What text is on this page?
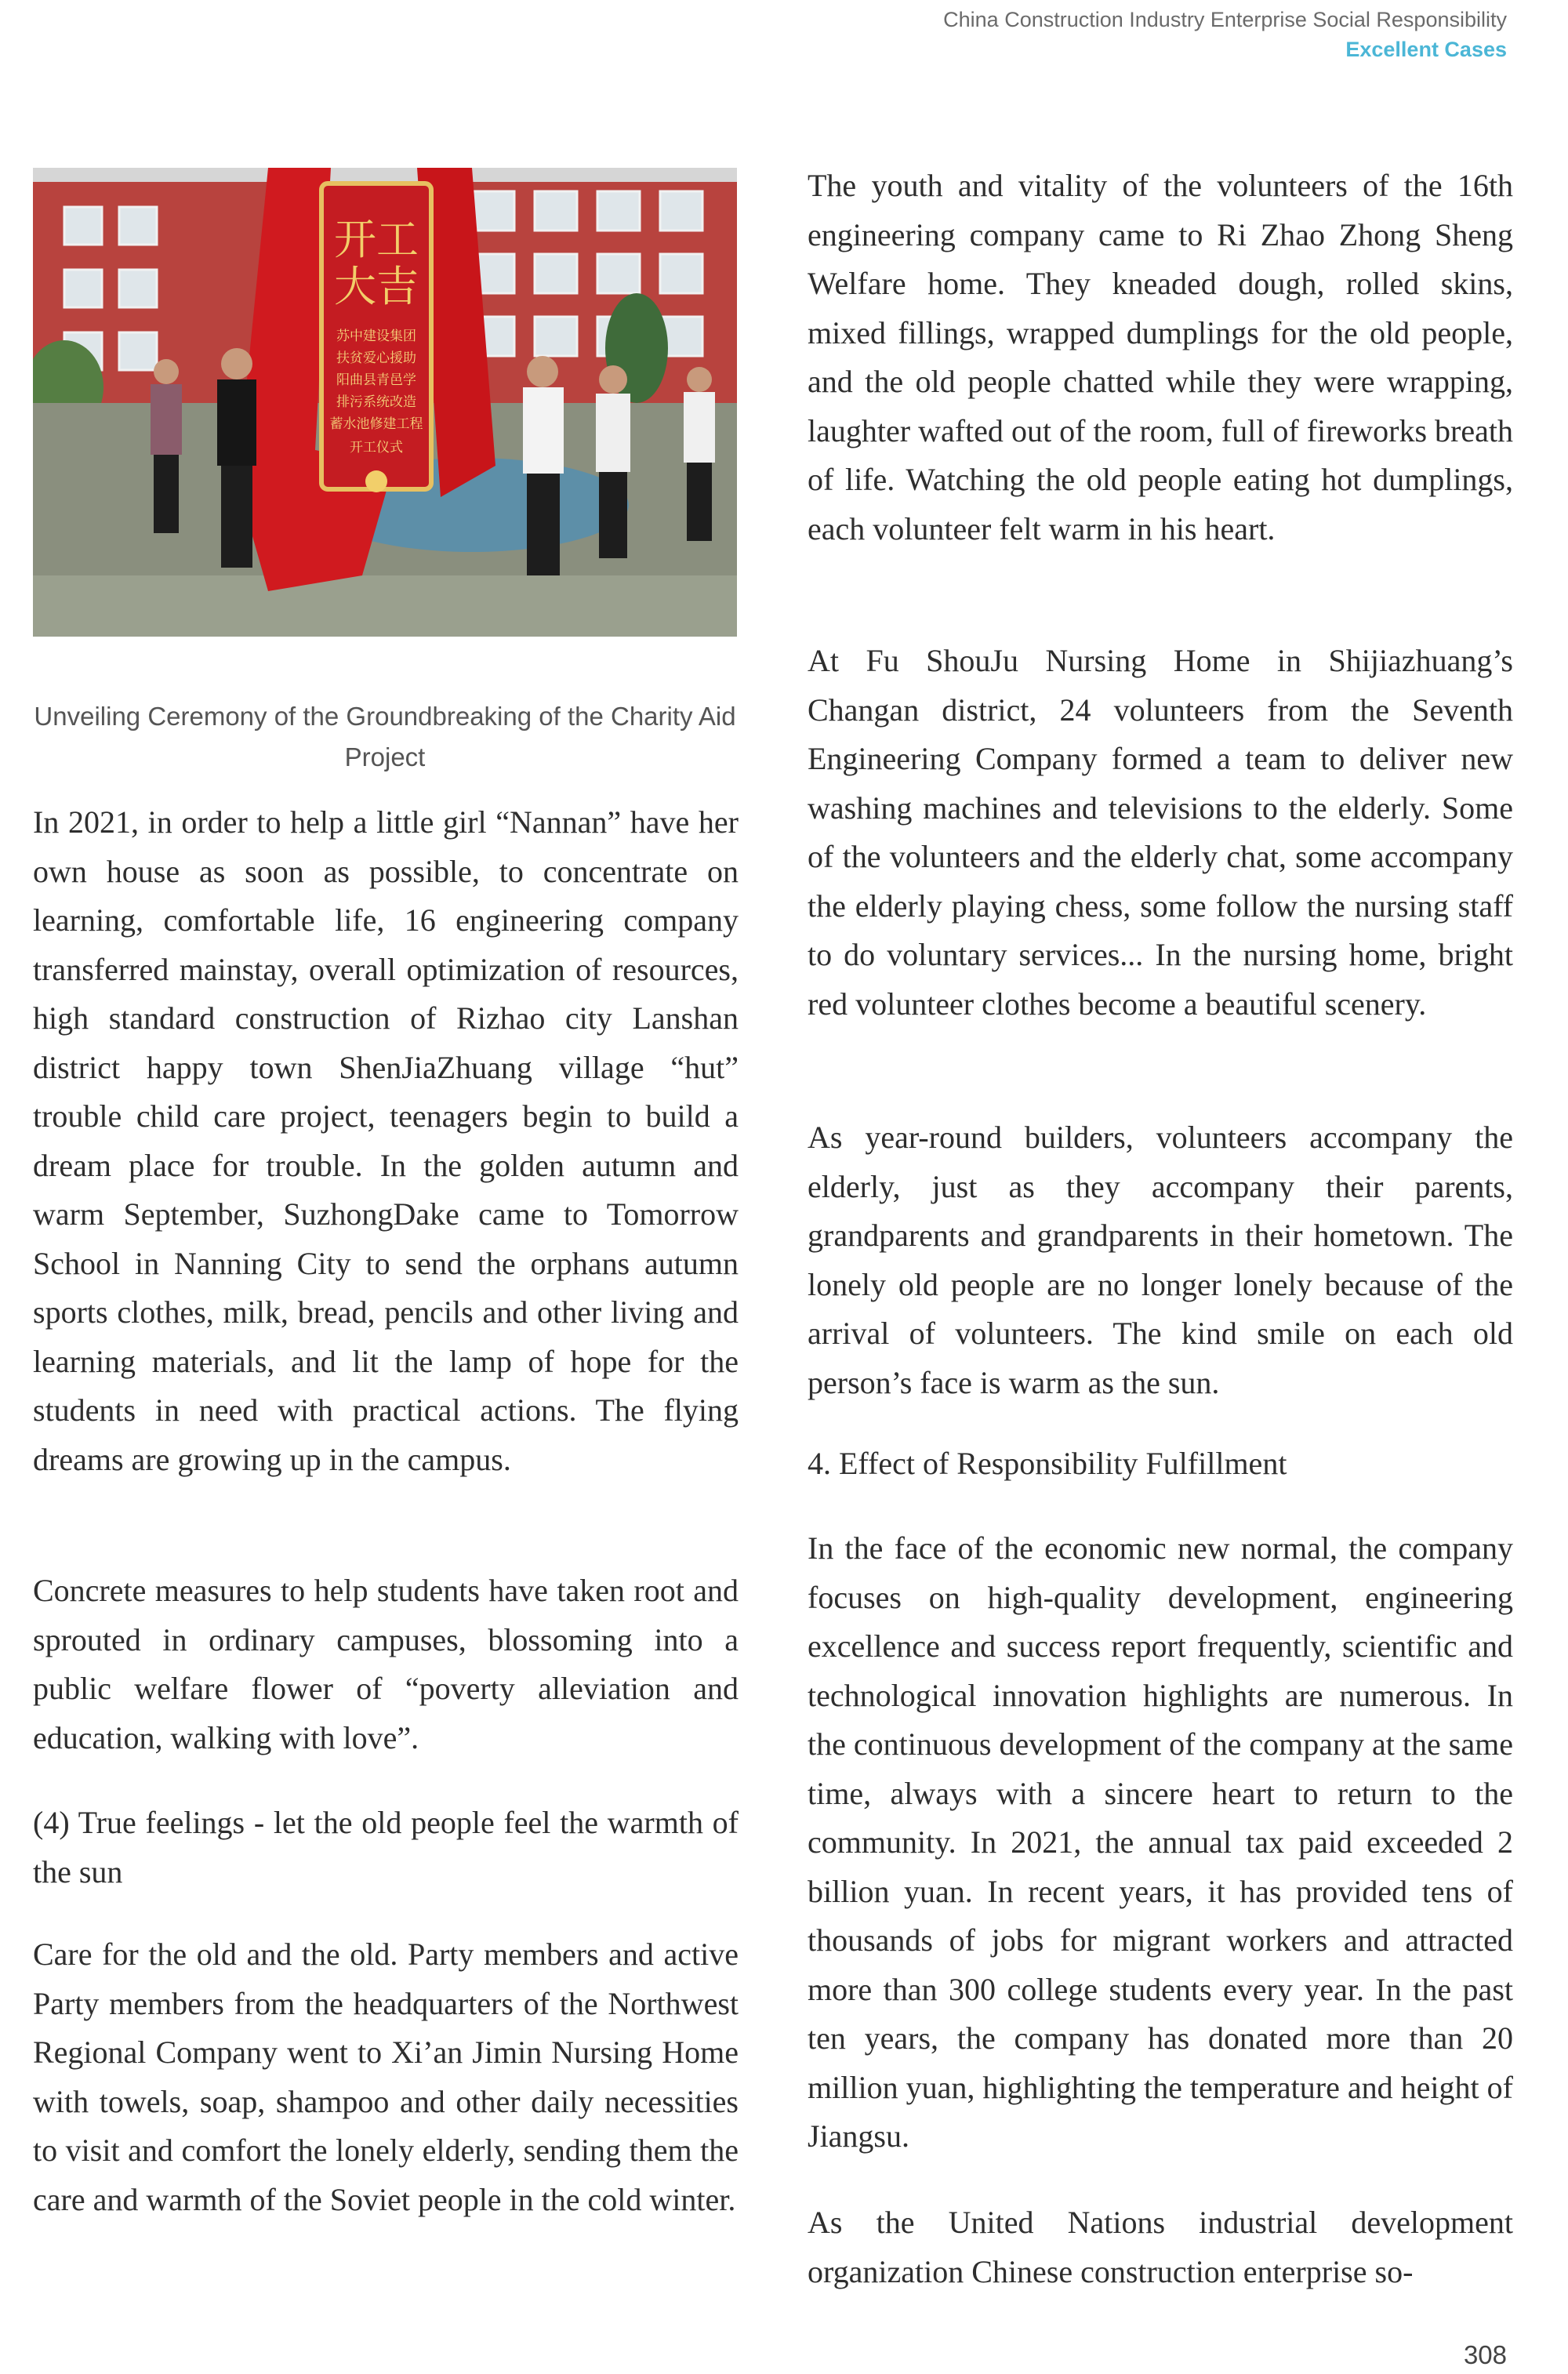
China Construction Industry Enterprise Social Responsibility
Excellent Cases
开工
大吉
苏中建设集团
扶贫爱心援助
阳曲县青邑学
排污系统改造
蓄水池修建工程
开工仪式
Unveiling Ceremony of the Groundbreaking of the Charity Aid Project

In 2021, in order to help a little girl “Nannan” have her own house as soon as possible, to concentrate on learning, comfortable life, 16 engineering company transferred mainstay, overall optimization of resources, high standard construction of Rizhao city Lanshan district happy town ShenJiaZhuang village “hut” trouble child care project, teenagers begin to build a dream place for trouble. In the golden autumn and warm September, SuzhongDake came to Tomorrow School in Nanning City to send the orphans autumn sports clothes, milk, bread, pencils and other living and learning materials, and lit the lamp of hope for the students in need with practical actions. The flying dreams are growing up in the campus.

Concrete measures to help students have taken root and sprouted in ordinary campuses, blossoming into a public welfare flower of “poverty alleviation and education, walking with love”.

(4) True feelings - let the old people feel the warmth of the sun

Care for the old and the old. Party members and active Party members from the headquarters of the Northwest Regional Company went to Xi’an Jimin Nursing Home with towels, soap, shampoo and other daily necessities to visit and comfort the lonely elderly, sending them the care and warmth of the Soviet people in the cold winter.

The youth and vitality of the volunteers of the 16th engineering company came to Ri Zhao Zhong Sheng Welfare home. They kneaded dough, rolled skins, mixed fillings, wrapped dumplings for the old people, and the old people chatted while they were wrapping, laughter wafted out of the room, full of fireworks breath of life. Watching the old people eating hot dumplings, each volunteer felt warm in his heart.

At Fu ShouJu Nursing Home in Shijiazhuang’s Changan district, 24 volunteers from the Seventh Engineering Company formed a team to deliver new washing machines and televisions to the elderly. Some of the volunteers and the elderly chat, some accompany the elderly playing chess, some follow the nursing staff to do voluntary services... In the nursing home, bright red volunteer clothes become a beautiful scenery.

As year-round builders, volunteers accompany the elderly, just as they accompany their parents, grandparents and grandparents in their hometown. The lonely old people are no longer lonely because of the arrival of volunteers. The kind smile on each old person’s face is warm as the sun.

4. Effect of Responsibility Fulfillment

In the face of the economic new normal, the company focuses on high-quality development, engineering excellence and success report frequently, scientific and technological innovation highlights are numerous. In the continuous development of the company at the same time, always with a sincere heart to return to the community. In 2021, the annual tax paid exceeded 2 billion yuan. In recent years, it has provided tens of thousands of jobs for migrant workers and attracted more than 300 college students every year. In the past ten years, the company has donated more than 20 million yuan, highlighting the temperature and height of Jiangsu.

As the United Nations industrial development organization Chinese construction enterprise so-

308
